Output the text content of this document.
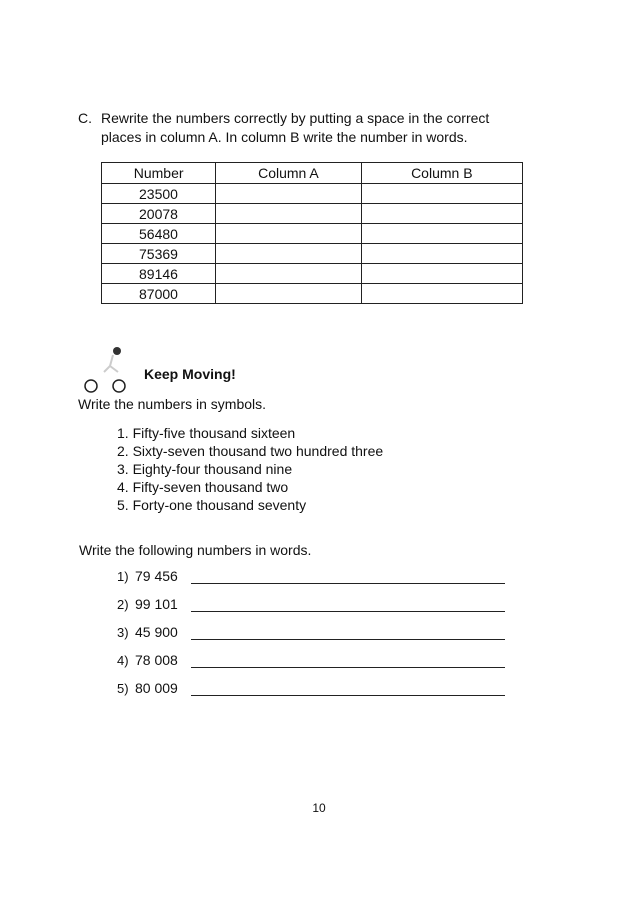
C. Rewrite the numbers correctly by putting a space in the correct
places in column A. In column B write the number in words.
Number	Column A	Column B
23500		
20078		
56480		
75369		
89146		
87000		
Keep Moving!
Write the numbers in symbols.
1. Fifty-five thousand sixteen
2. Sixty-seven thousand two hundred three
3. Eighty-four thousand nine
4. Fifty-seven thousand two
5. Forty-one thousand seventy
Write the following numbers in words.
1) 79 456
2) 99 101
3) 45 900
4) 78 008
5) 80 009
10
